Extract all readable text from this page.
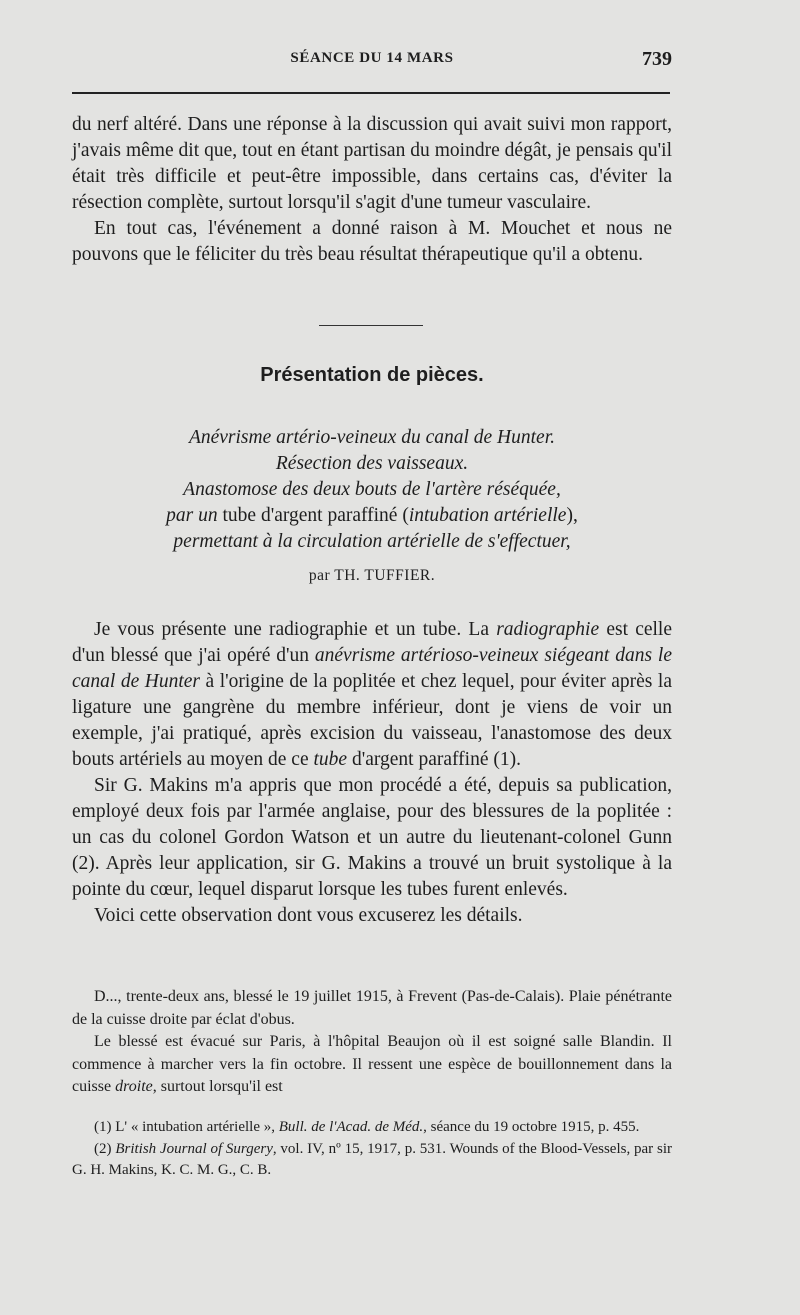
SÉANCE DU 14 MARS	739

du nerf altéré. Dans une réponse à la discussion qui avait suivi mon rapport, j'avais même dit que, tout en étant partisan du moindre dégât, je pensais qu'il était très difficile et peut-être impossible, dans certains cas, d'éviter la résection complète, surtout lorsqu'il s'agit d'une tumeur vasculaire.

En tout cas, l'événement a donné raison à M. Mouchet et nous ne pouvons que le féliciter du très beau résultat thérapeutique qu'il a obtenu.

Présentation de pièces.
Anévrisme artério-veineux du canal de Hunter.
Résection des vaisseaux.
Anastomose des deux bouts de l'artère réséquée,
par un tube d'argent paraffiné (intubation artérielle),
permettant à la circulation artérielle de s'effectuer,
par TH. TUFFIER.

Je vous présente une radiographie et un tube. La radiographie est celle d'un blessé que j'ai opéré d'un anévrisme artérioso-veineux siégeant dans le canal de Hunter à l'origine de la poplitée et chez lequel, pour éviter après la ligature une gangrène du membre inférieur, dont je viens de voir un exemple, j'ai pratiqué, après excision du vaisseau, l'anastomose des deux bouts artériels au moyen de ce tube d'argent paraffiné (1).

Sir G. Makins m'a appris que mon procédé a été, depuis sa publication, employé deux fois par l'armée anglaise, pour des blessures de la poplitée : un cas du colonel Gordon Watson et un autre du lieutenant-colonel Gunn (2). Après leur application, sir G. Makins a trouvé un bruit systolique à la pointe du cœur, lequel disparut lorsque les tubes furent enlevés.

Voici cette observation dont vous excuserez les détails.

D..., trente-deux ans, blessé le 19 juillet 1915, à Frevent (Pas-de-Calais). Plaie pénétrante de la cuisse droite par éclat d'obus.

Le blessé est évacué sur Paris, à l'hôpital Beaujon où il est soigné salle Blandin. Il commence à marcher vers la fin octobre. Il ressent une espèce de bouillonnement dans la cuisse droite, surtout lorsqu'il est

(1) L' « intubation artérielle », Bull. de l'Acad. de Méd., séance du 19 octobre 1915, p. 455.

(2) British Journal of Surgery, vol. IV, nº 15, 1917, p. 531. Wounds of the Blood-Vessels, par sir G. H. Makins, K. C. M. G., C. B.
